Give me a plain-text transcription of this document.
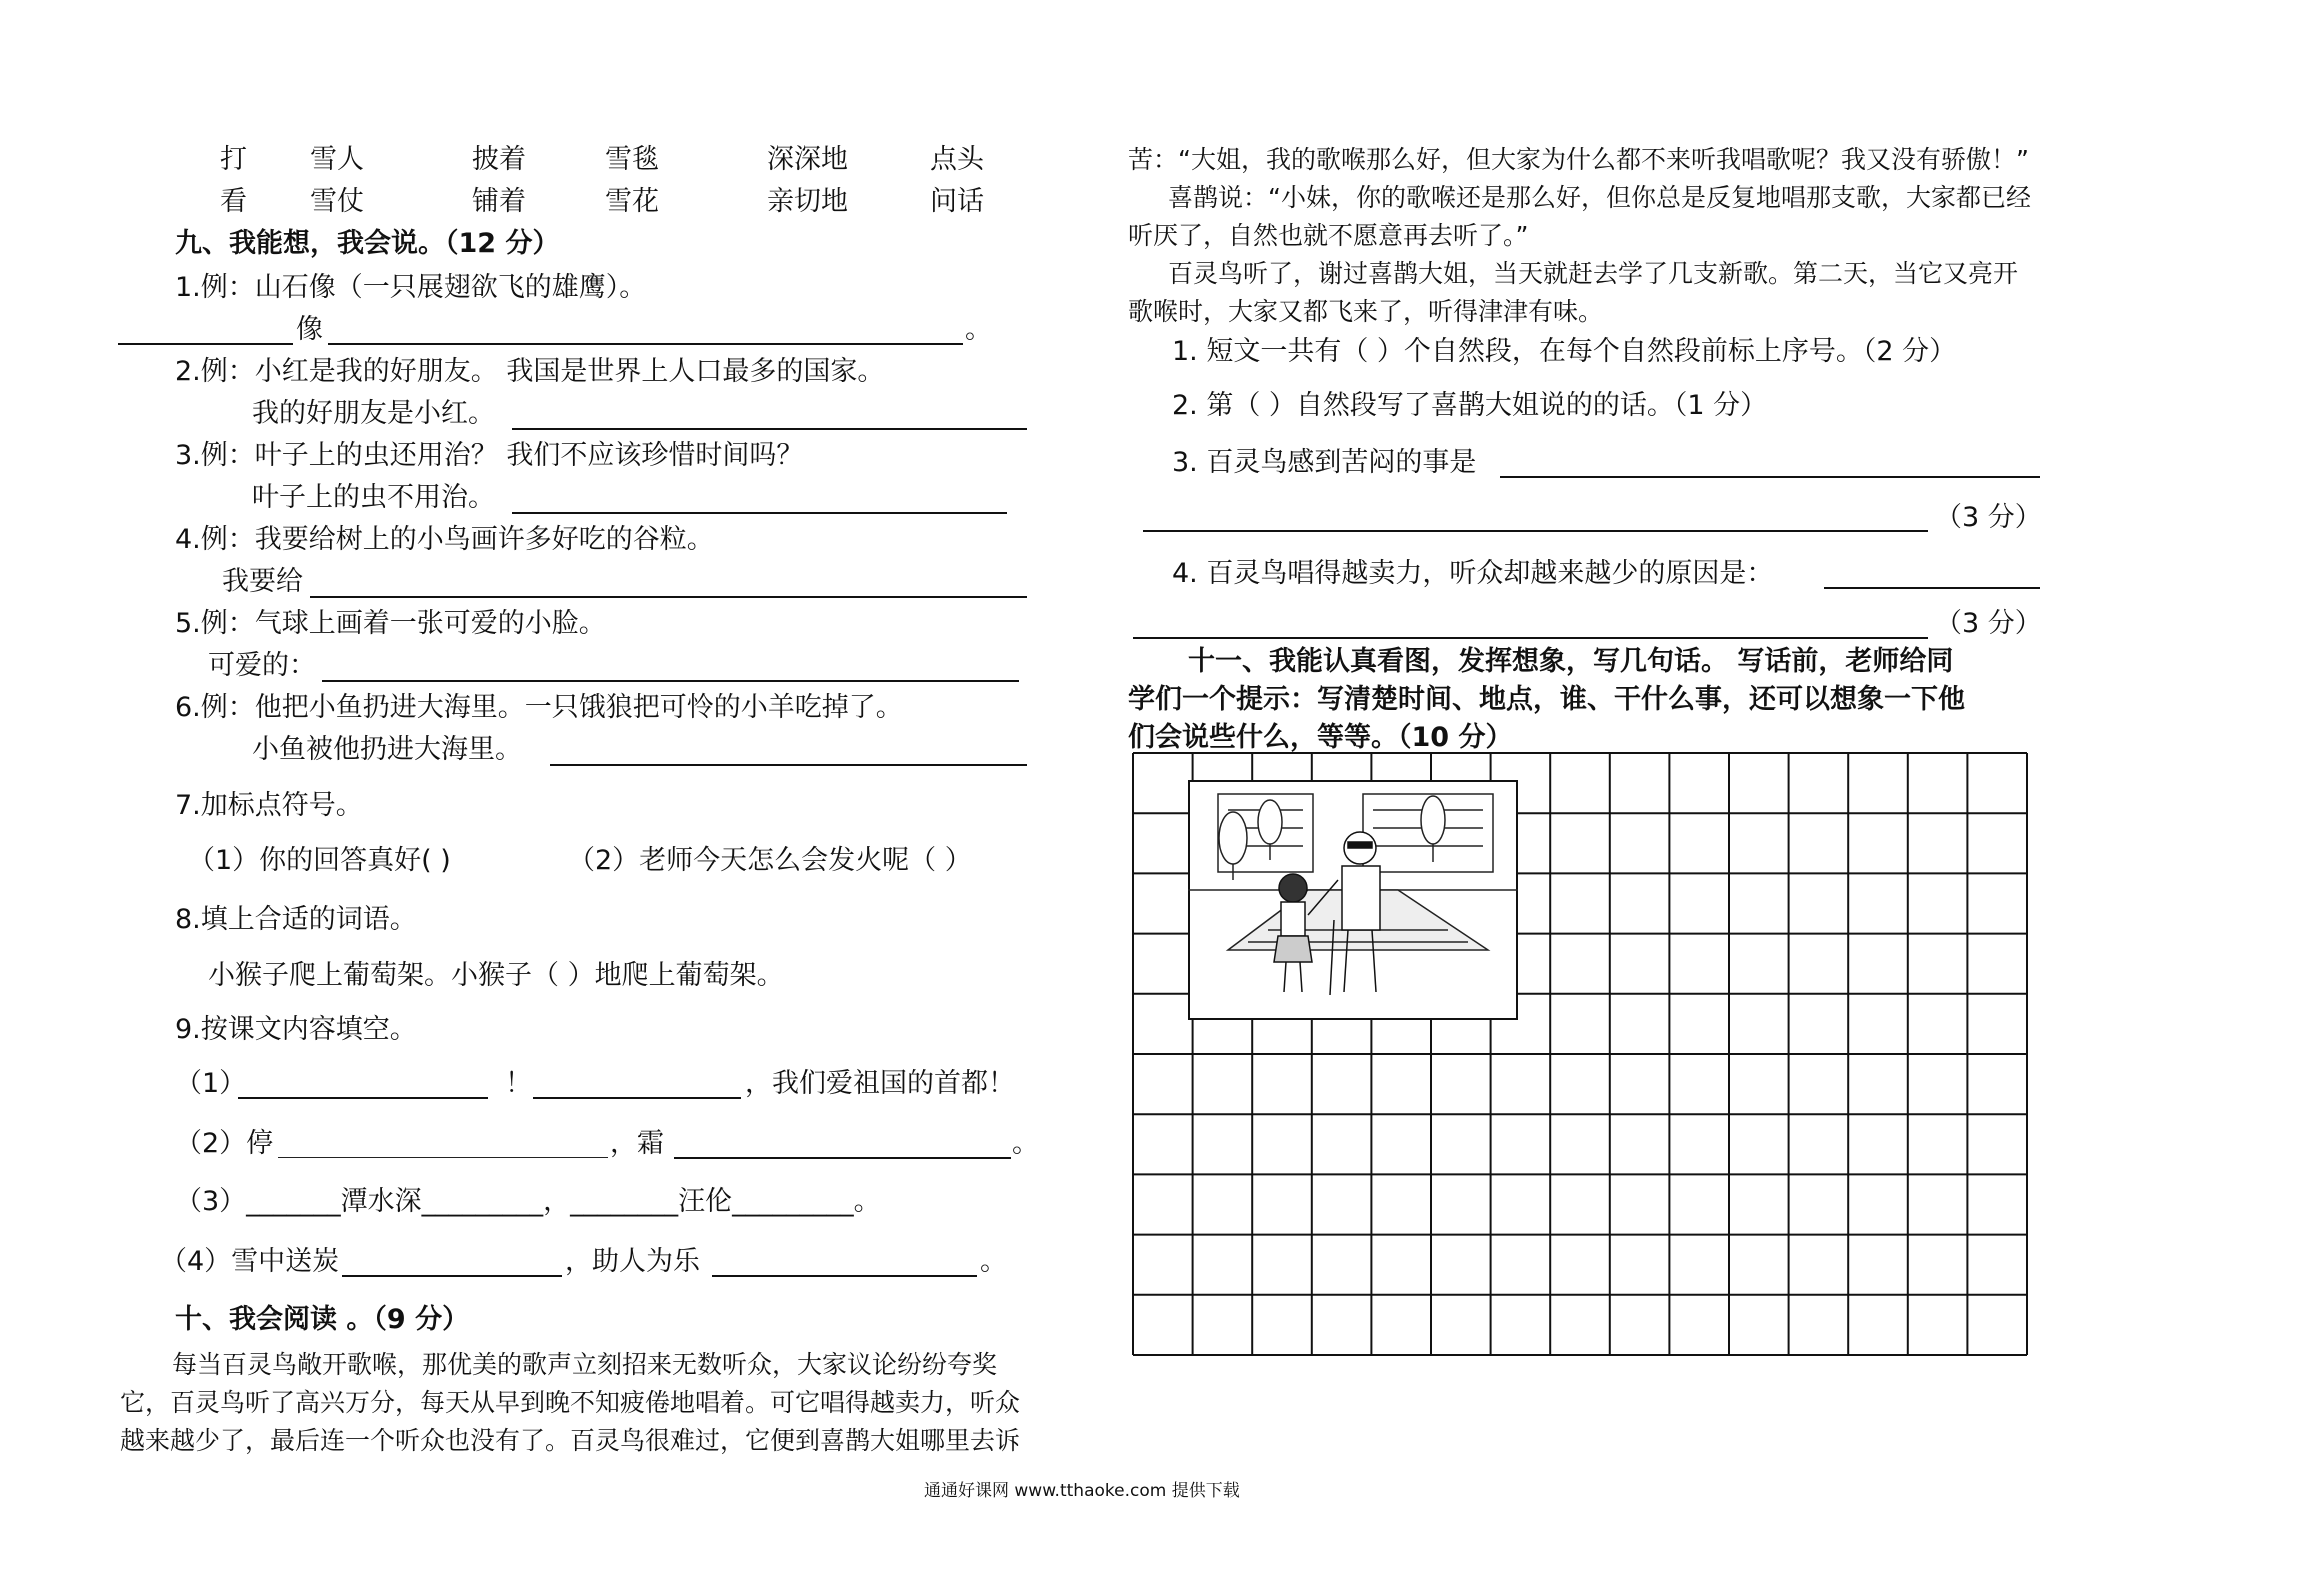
打 雪人	披着	雪毯	深深地	点头
看 雪仗	铺着	雪花	亲切地	问话
九、我能想，我会说。（12 分）
1.例：山石像（一只展翅欲飞的雄鹰）。
像	。
2.例：小红是我的好朋友。 我国是世界上人口最多的国家。
我的好朋友是小红。
3.例：叶子上的虫还用治？ 我们不应该珍惜时间吗？
叶子上的虫不用治。
4.例：我要给树上的小鸟画许多好吃的谷粒。
我要给
5.例：气球上画着一张可爱的小脸。
可爱的：
6.例：他把小鱼扔进大海里。一只饿狼把可怜的小羊吃掉了。
小鱼被他扔进大海里。
7.加标点符号。
（1）你的回答真好( )	（2）老师今天怎么会发火呢（ ）
8.填上合适的词语。
小猴子爬上葡萄架。小猴子（ ）地爬上葡萄架。
9.按课文内容填空。
（1）	！	，我们爱祖国的首都！
（2）停	，霜	。
（3）_______潭水深_________，________汪伦_________。
（4）雪中送炭	，助人为乐	。
十、我会阅读 。（9 分）
每当百灵鸟敞开歌喉，那优美的歌声立刻招来无数听众，大家议论纷纷夸奖
它，百灵鸟听了高兴万分，每天从早到晚不知疲倦地唱着。可它唱得越卖力，听众
越来越少了，最后连一个听众也没有了。百灵鸟很难过，它便到喜鹊大姐哪里去诉
苦：“大姐，我的歌喉那么好，但大家为什么都不来听我唱歌呢？我又没有骄傲！”
喜鹊说：“小妹，你的歌喉还是那么好，但你总是反复地唱那支歌，大家都已经
听厌了，自然也就不愿意再去听了。”
百灵鸟听了，谢过喜鹊大姐，当天就赶去学了几支新歌。第二天，当它又亮开
歌喉时，大家又都飞来了，听得津津有味。
1. 短文一共有（ ）个自然段，在每个自然段前标上序号。（2 分）
2. 第（ ）自然段写了喜鹊大姐说的的话。（1 分）
3. 百灵鸟感到苦闷的事是
（3 分）
4. 百灵鸟唱得越卖力，听众却越来越少的原因是：
（3 分）
十一、我能认真看图，发挥想象，写几句话。 写话前，老师给同
学们一个提示：写清楚时间、地点，谁、干什么事，还可以想象一下他
们会说些什么，等等。（10 分）
通通好课网 www.tthaoke.com 提供下载
